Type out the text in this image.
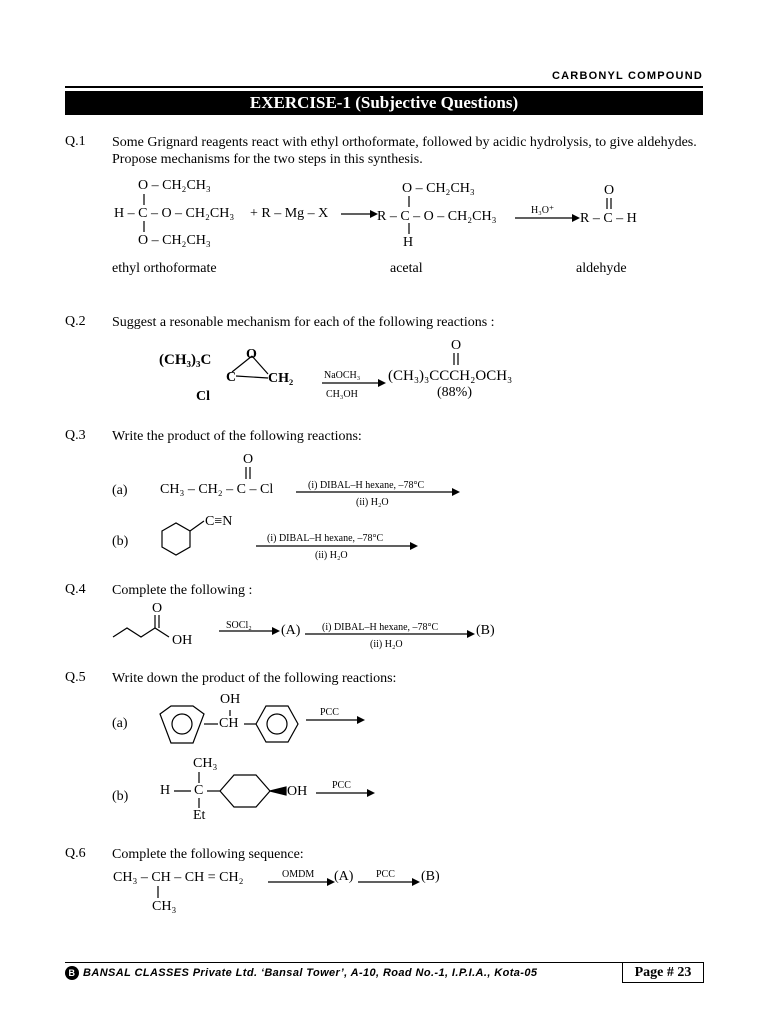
CARBONYL COMPOUND
EXERCISE-1 (Subjective Questions)
Q.1 Some Grignard reagents react with ethyl orthoformate, followed by acidic hydrolysis, to give aldehydes. Propose mechanisms for the two steps in this synthesis.
O – CH₂CH₃
H – C – O – CH₂CH₃
O – CH₂CH₃
+ R – Mg – X
O – CH₂CH₃
R – C – O – CH₂CH₃
H
H₃O⁺
O
R – C – H
ethyl orthoformate	acetal	aldehyde
Q.2 Suggest a resonable mechanism for each of the following reactions :
(CH₃)₃C O
C CH₂
Cl
NaOCH₃
CH₃OH
O
(CH₃)₃CCCH₂OCH₃
(88%)
Q.3 Write the product of the following reactions:
(a)
O
CH₃ – CH₂ – C – Cl	(i) DIBAL–H hexane, –78°C
(ii) H₂O
(b)
C≡N
(i) DIBAL–H hexane, –78°C
(ii) H₂O
Q.4 Complete the following :
O
OH
SOCl₂ (A) (i) DIBAL–H hexane, –78°C
(ii) H₂O
(B)
Q.5 Write down the product of the following reactions:
(a)
OH
CH
PCC
(b)
CH₃
H C
Et
OH PCC
Q.6 Complete the following sequence:
CH₃ – CH – CH = CH₂
CH₃
OMDM (A) PCC (B)
B BANSAL CLASSES Private Ltd. ‘Bansal Tower’, A-10, Road No.-1, I.P.I.A., Kota-05	Page # 23
